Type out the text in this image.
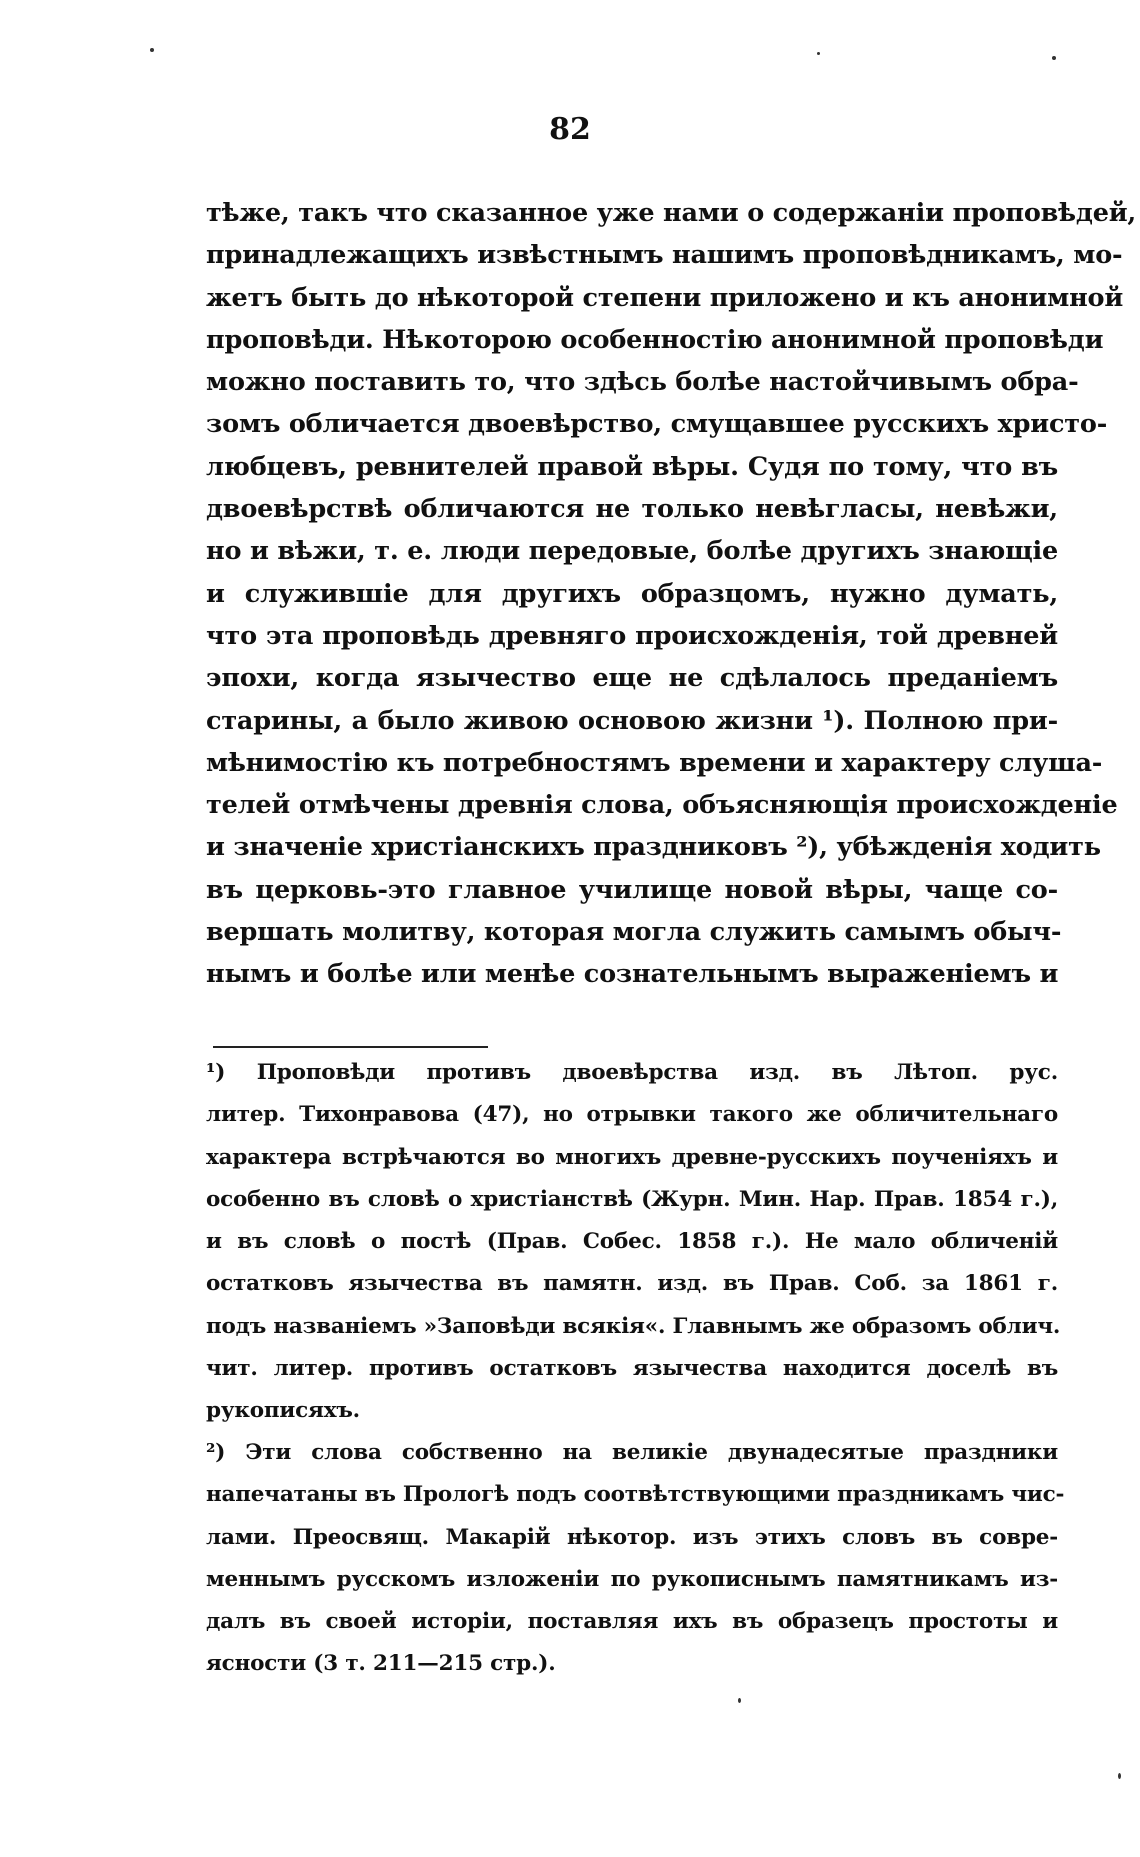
82
тѣже, такъ что сказанное уже нами о содержанiи проповѣдей,
принадлежащихъ извѣстнымъ нашимъ проповѣдникамъ, мо-
жетъ быть до нѣкоторой степени приложено и къ анонимной
проповѣди. Нѣкоторою особенностiю анонимной проповѣди
можно поставить то, что здѣсь болѣе настойчивымъ обра-
зомъ обличается двоевѣрство, смущавшее русcкихъ христо-
любцевъ, ревнителей правой вѣры. Судя по тому, что въ
двоевѣрствѣ обличаются не только невѣгласы, невѣжи,
но и вѣжи, т. е. люди передовые, болѣе другихъ знающiе
и служившiе для другихъ образцомъ, нужно думать,
что эта проповѣдь древняго происхожденiя, той древней
эпохи, когда язычество еще не сдѣлалось преданiемъ
старины, а было живою основою жизни ¹). Полною при-
мѣнимостiю къ потребностямъ времени и характеру слуша-
телей отмѣчены древнiя слова, объясняющiя происхожденiе
и значенiе христiанскихъ праздниковъ ²), убѣжденiя ходить
въ церковь-это главное училище новой вѣры, чаще со-
вершать молитву, которая могла служить самымъ обыч-
нымъ и болѣе или менѣе сознательнымъ выраженiемъ и
¹) Проповѣди противъ двоевѣрства изд. въ Лѣтоп. рус.
литер. Тихонравова (47), но отрывки такого же обличительнаго
характера встрѣчаются во многихъ древне-русскихъ поученiяхъ и
особенно въ словѣ о христiанствѣ (Журн. Мин. Нар. Прав. 1854 г.),
и въ словѣ о постѣ (Прав. Собес. 1858 г.). Не мало обличенiй
остатковъ язычества въ памятн. изд. въ Прав. Соб. за 1861 г.
подъ названiемъ »Заповѣди всякiя«. Главнымъ же образомъ облич.
чит. литер. противъ остатковъ язычества находится доселѣ въ
рукописяхъ.
²) Эти слова собственно на великiе двунадесятые праздники
напечатаны въ Прологѣ подъ соотвѣтствующими праздникамъ чис-
лами. Преосвящ. Макарiй нѣкотор. изъ этихъ словъ въ совре-
меннымъ русскомъ изложенiи по рукописнымъ памятникамъ из-
далъ въ своей исторiи, поставляя ихъ въ образецъ простоты и
ясности (3 т. 211—215 стр.).
